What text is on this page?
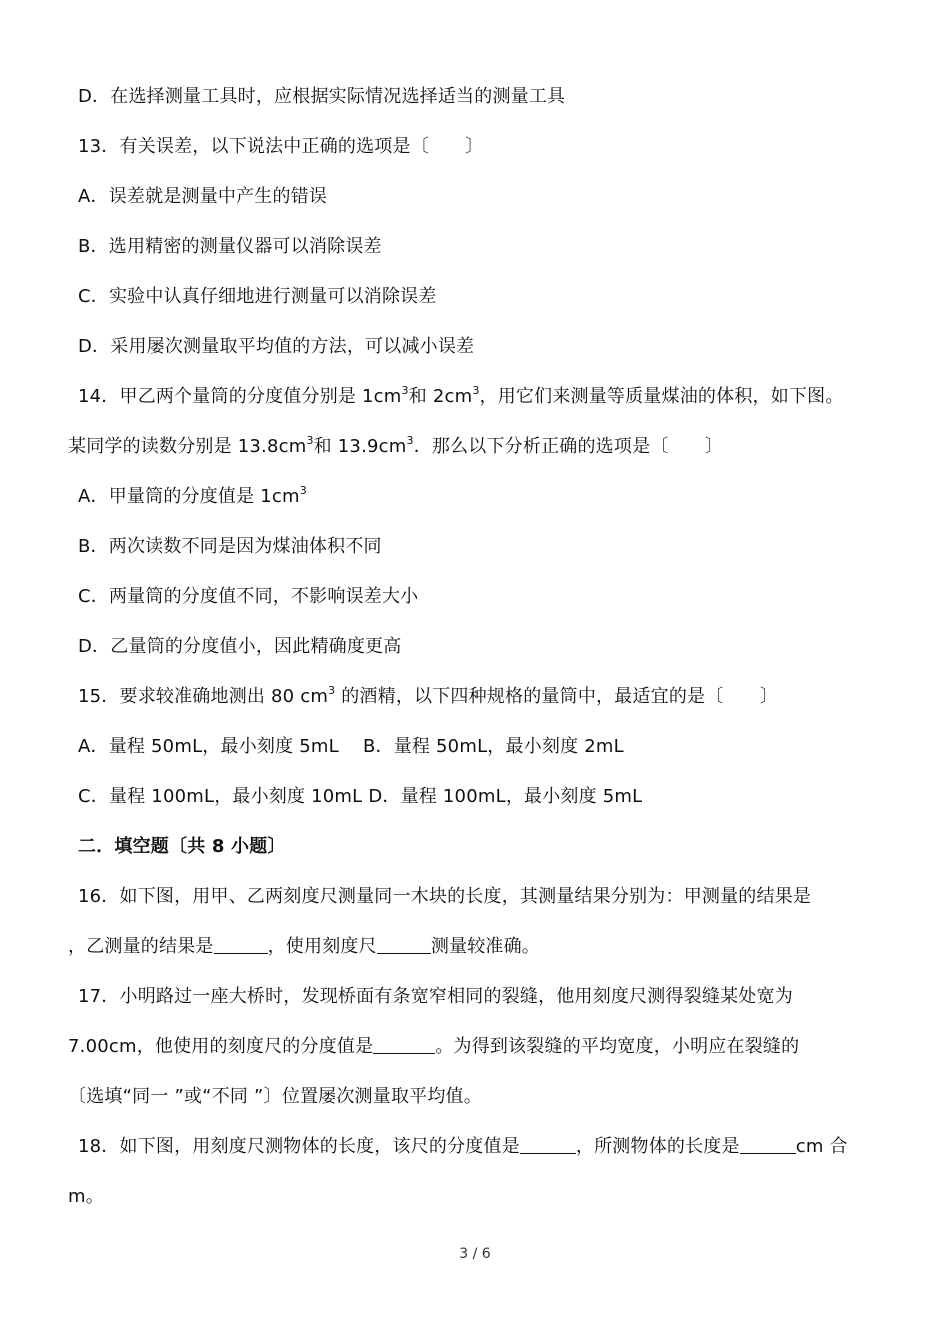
D．在选择测量工具时，应根据实际情况选择适当的测量工具
13．有关误差，以下说法中正确的选项是〔　　〕
A．误差就是测量中产生的错误
B．选用精密的测量仪器可以消除误差
C．实验中认真仔细地进行测量可以消除误差
D．采用屡次测量取平均值的方法，可以减小误差
14．甲乙两个量筒的分度值分别是 $1cm^3$和 $2cm^3$，用它们来测量等质量煤油的体积，如下图。
某同学的读数分别是 $13.8cm^3$和 $13.9cm^3$．那么以下分析正确的选项是〔　　〕
A．甲量筒的分度值是 $1cm^3$
B．两次读数不同是因为煤油体积不同
C．两量筒的分度值不同，不影响误差大小
D．乙量筒的分度值小，因此精确度更高
15．要求较准确地测出 80 $cm^3$ 的酒精，以下四种规格的量筒中，最适宜的是〔　　〕
A．量程 50mL，最小刻度 5mL　 B．量程 50mL，最小刻度 2mL
C．量程 100mL，最小刻度 10mL D．量程 100mL，最小刻度 5mL
二．填空题〔共 8 小题〕
16．如下图，用甲、乙两刻度尺测量同一木块的长度，其测量结果分别为：甲测量的结果是
，乙测量的结果是	，使用刻度尺	测量较准确。
17．小明路过一座大桥时，发现桥面有条宽窄相同的裂缝，他用刻度尺测得裂缝某处宽为
7.00cm，他使用的刻度尺的分度值是	。为得到该裂缝的平均宽度，小明应在裂缝的
〔选填“同一 ”或“不同 ”〕位置屡次测量取平均值。
18．如下图，用刻度尺测物体的长度，该尺的分度值是	，所测物体的长度是	cm 合
m。
3 / 6
